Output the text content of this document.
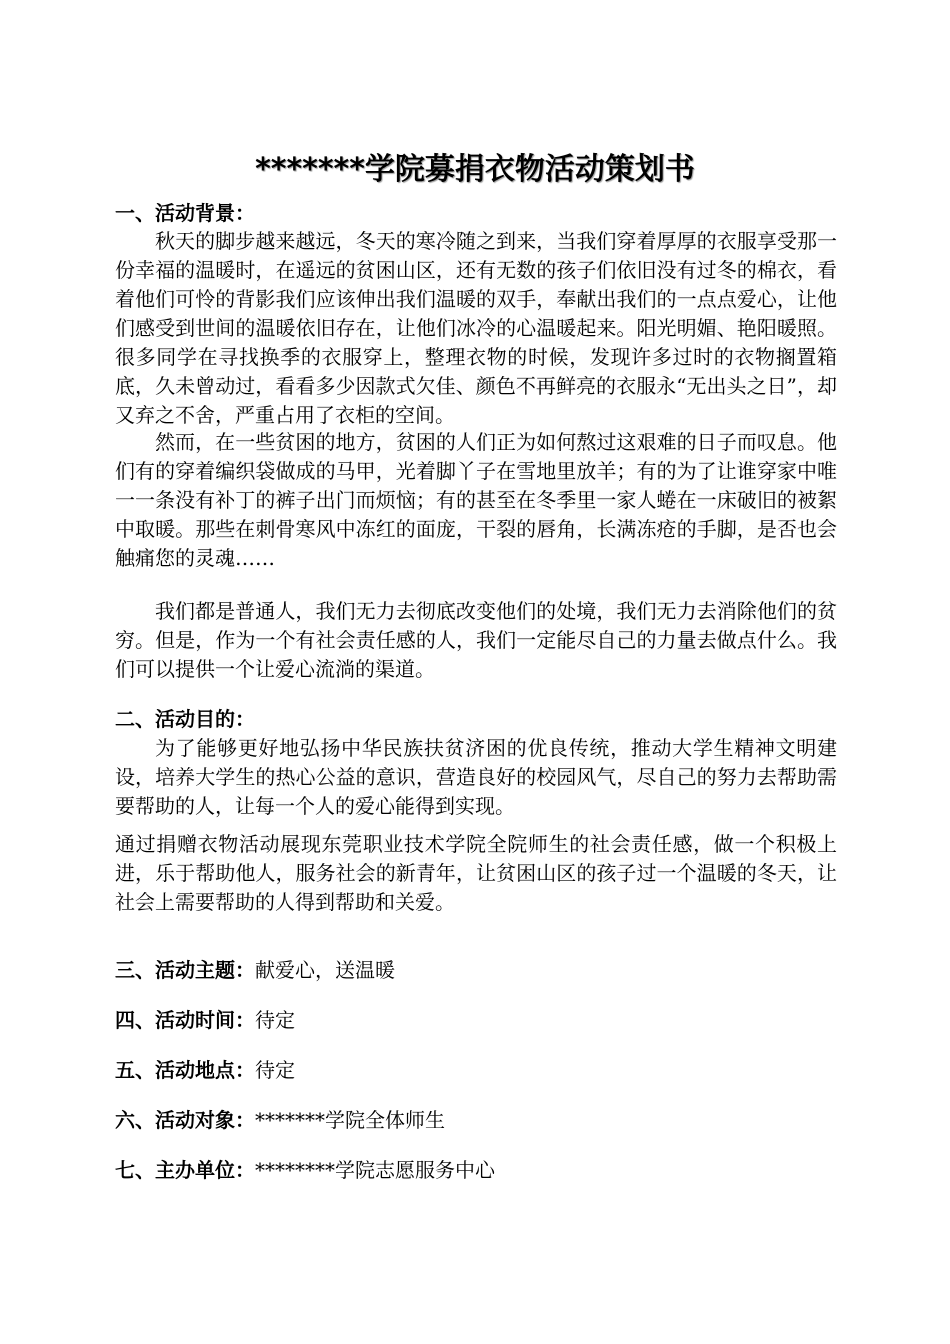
*******学院募捐衣物活动策划书
一、活动背景：
秋天的脚步越来越远，冬天的寒冷随之到来，当我们穿着厚厚的衣服享受那一份幸福的温暖时，在遥远的贫困山区，还有无数的孩子们依旧没有过冬的棉衣，看着他们可怜的背影我们应该伸出我们温暖的双手，奉献出我们的一点点爱心，让他们感受到世间的温暖依旧存在，让他们冰冷的心温暖起来。阳光明媚、艳阳暖照。很多同学在寻找换季的衣服穿上，整理衣物的时候，发现许多过时的衣物搁置箱底，久未曾动过，看看多少因款式欠佳、颜色不再鲜亮的衣服永“无出头之日”，却又弃之不舍，严重占用了衣柜的空间。
然而，在一些贫困的地方，贫困的人们正为如何熬过这艰难的日子而叹息。他们有的穿着编织袋做成的马甲，光着脚丫子在雪地里放羊；有的为了让谁穿家中唯一一条没有补丁的裤子出门而烦恼；有的甚至在冬季里一家人蜷在一床破旧的被絮中取暖。那些在刺骨寒风中冻红的面庞，干裂的唇角，长满冻疮的手脚，是否也会触痛您的灵魂……
我们都是普通人，我们无力去彻底改变他们的处境，我们无力去消除他们的贫穷。但是，作为一个有社会责任感的人，我们一定能尽自己的力量去做点什么。我们可以提供一个让爱心流淌的渠道。
二、活动目的：
为了能够更好地弘扬中华民族扶贫济困的优良传统，推动大学生精神文明建设，培养大学生的热心公益的意识，营造良好的校园风气，尽自己的努力去帮助需要帮助的人，让每一个人的爱心能得到实现。
通过捐赠衣物活动展现东莞职业技术学院全院师生的社会责任感，做一个积极上进，乐于帮助他人，服务社会的新青年，让贫困山区的孩子过一个温暖的冬天，让社会上需要帮助的人得到帮助和关爱。
三、活动主题：献爱心，送温暖
四、活动时间：待定
五、活动地点：待定
六、活动对象：*******学院全体师生
七、主办单位：********学院志愿服务中心
